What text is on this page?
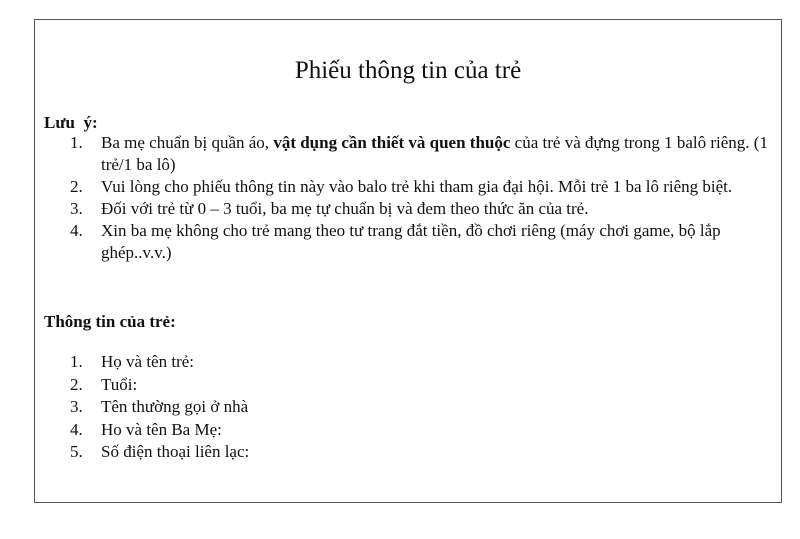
Phiếu thông tin của trẻ
Lưu  ý:
1. Ba mẹ chuẩn bị quần áo, vật dụng cần thiết và quen thuộc của trẻ và đựng trong 1 balô riêng. (1 trẻ/1 ba lô)
2. Vui lòng cho phiếu thông tin này vào balo trẻ khi tham gia đại hội. Mỗi trẻ 1 ba lô riêng biệt.
3. Đối với trẻ từ 0 – 3 tuổi, ba mẹ tự chuẩn bị và đem theo thức ăn của trẻ.
4. Xin ba mẹ không cho trẻ mang theo tư trang đắt tiền, đồ chơi riêng (máy chơi game, bộ lắp ghép..v.v.)
Thông tin của trẻ:
1. Họ và tên trẻ:
2. Tuổi:
3. Tên thường gọi ở nhà
4. Ho và tên Ba Mẹ:
5. Số điện thoại liên lạc:
